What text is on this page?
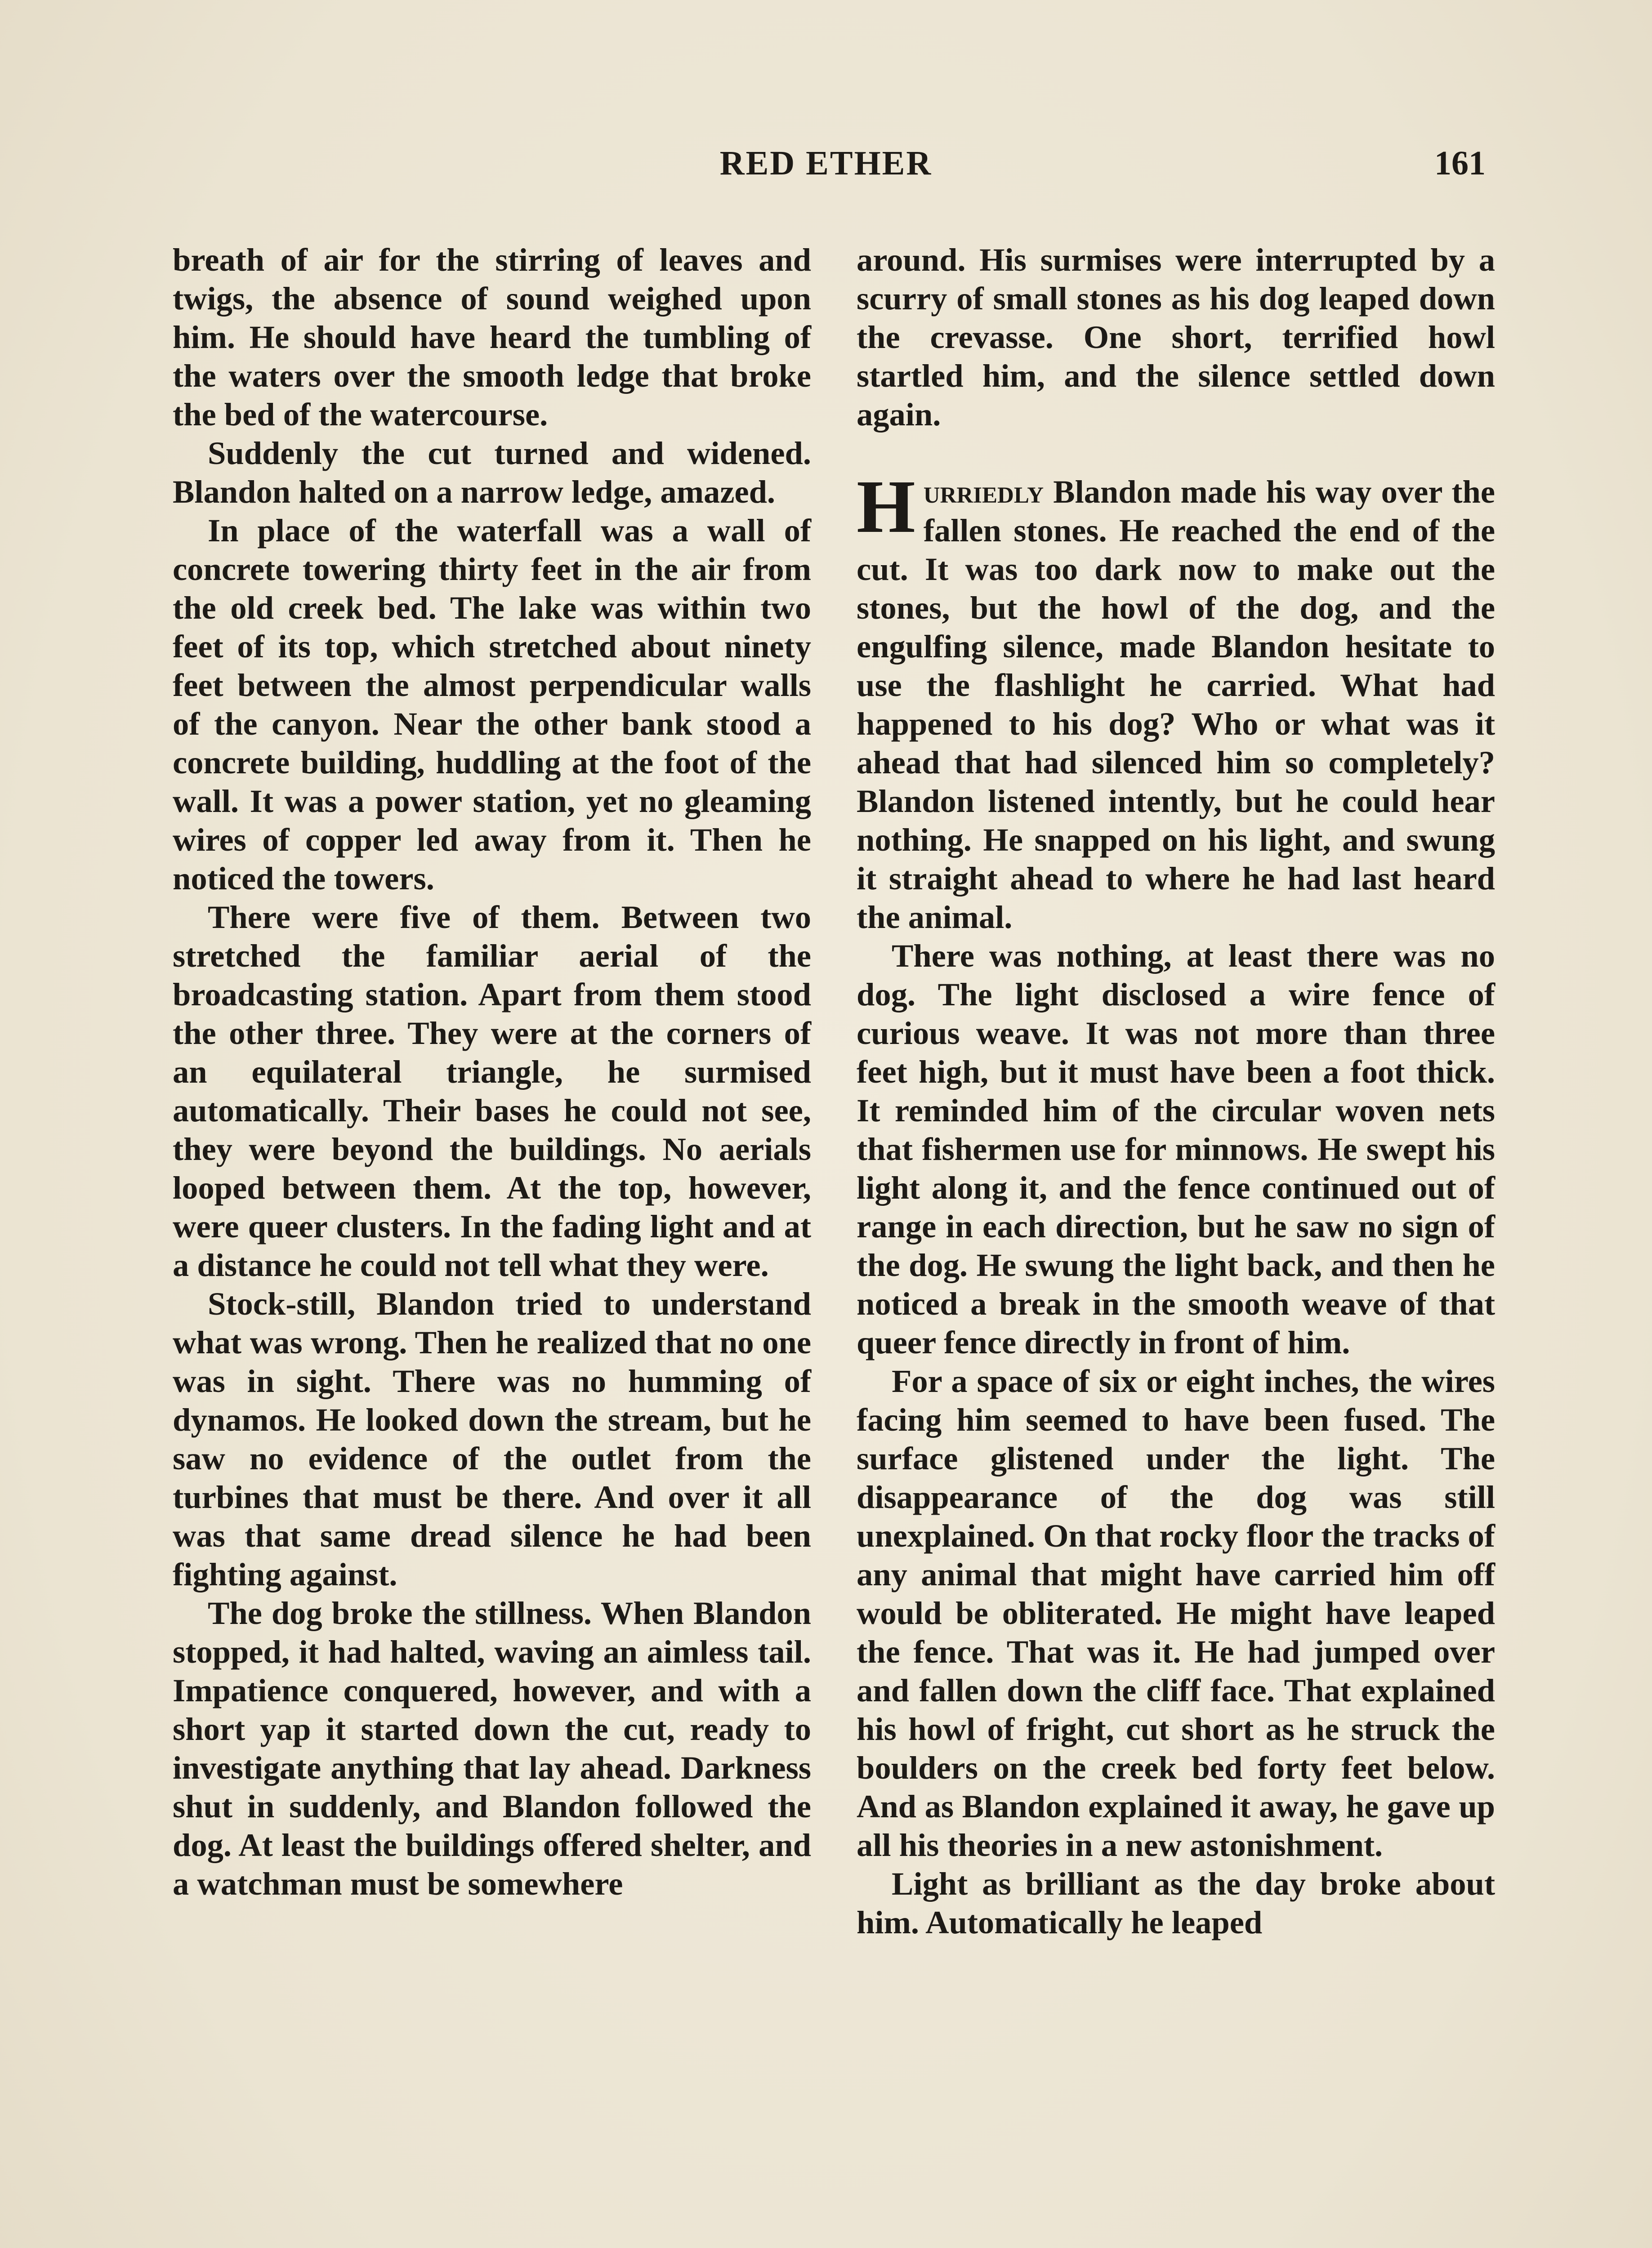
RED ETHER	161

breath of air for the stirring of leaves and twigs, the absence of sound weighed upon him. He should have heard the tumbling of the waters over the smooth ledge that broke the bed of the watercourse.

Suddenly the cut turned and widened. Blandon halted on a narrow ledge, amazed.

In place of the waterfall was a wall of concrete towering thirty feet in the air from the old creek bed. The lake was within two feet of its top, which stretched about ninety feet between the almost perpendicular walls of the canyon. Near the other bank stood a concrete building, huddling at the foot of the wall. It was a power station, yet no gleaming wires of copper led away from it. Then he noticed the towers.

There were five of them. Between two stretched the familiar aerial of the broadcasting station. Apart from them stood the other three. They were at the corners of an equilateral triangle, he surmised automatically. Their bases he could not see, they were beyond the buildings. No aerials looped between them. At the top, however, were queer clusters. In the fading light and at a distance he could not tell what they were.

Stock-still, Blandon tried to understand what was wrong. Then he realized that no one was in sight. There was no humming of dynamos. He looked down the stream, but he saw no evidence of the outlet from the turbines that must be there. And over it all was that same dread silence he had been fighting against.

The dog broke the stillness. When Blandon stopped, it had halted, waving an aimless tail. Impatience conquered, however, and with a short yap it started down the cut, ready to investigate anything that lay ahead. Darkness shut in suddenly, and Blandon followed the dog. At least the buildings offered shelter, and a watchman must be somewhere

around. His surmises were interrupted by a scurry of small stones as his dog leaped down the crevasse. One short, terrified howl startled him, and the silence settled down again.

Hurriedly Blandon made his way over the fallen stones. He reached the end of the cut. It was too dark now to make out the stones, but the howl of the dog, and the engulfing silence, made Blandon hesitate to use the flashlight he carried. What had happened to his dog? Who or what was it ahead that had silenced him so completely? Blandon listened intently, but he could hear nothing. He snapped on his light, and swung it straight ahead to where he had last heard the animal.

There was nothing, at least there was no dog. The light disclosed a wire fence of curious weave. It was not more than three feet high, but it must have been a foot thick. It reminded him of the circular woven nets that fishermen use for minnows. He swept his light along it, and the fence continued out of range in each direction, but he saw no sign of the dog. He swung the light back, and then he noticed a break in the smooth weave of that queer fence directly in front of him.

For a space of six or eight inches, the wires facing him seemed to have been fused. The surface glistened under the light. The disappearance of the dog was still unexplained. On that rocky floor the tracks of any animal that might have carried him off would be obliterated. He might have leaped the fence. That was it. He had jumped over and fallen down the cliff face. That explained his howl of fright, cut short as he struck the boulders on the creek bed forty feet below. And as Blandon explained it away, he gave up all his theories in a new astonishment.

Light as brilliant as the day broke about him. Automatically he leaped
